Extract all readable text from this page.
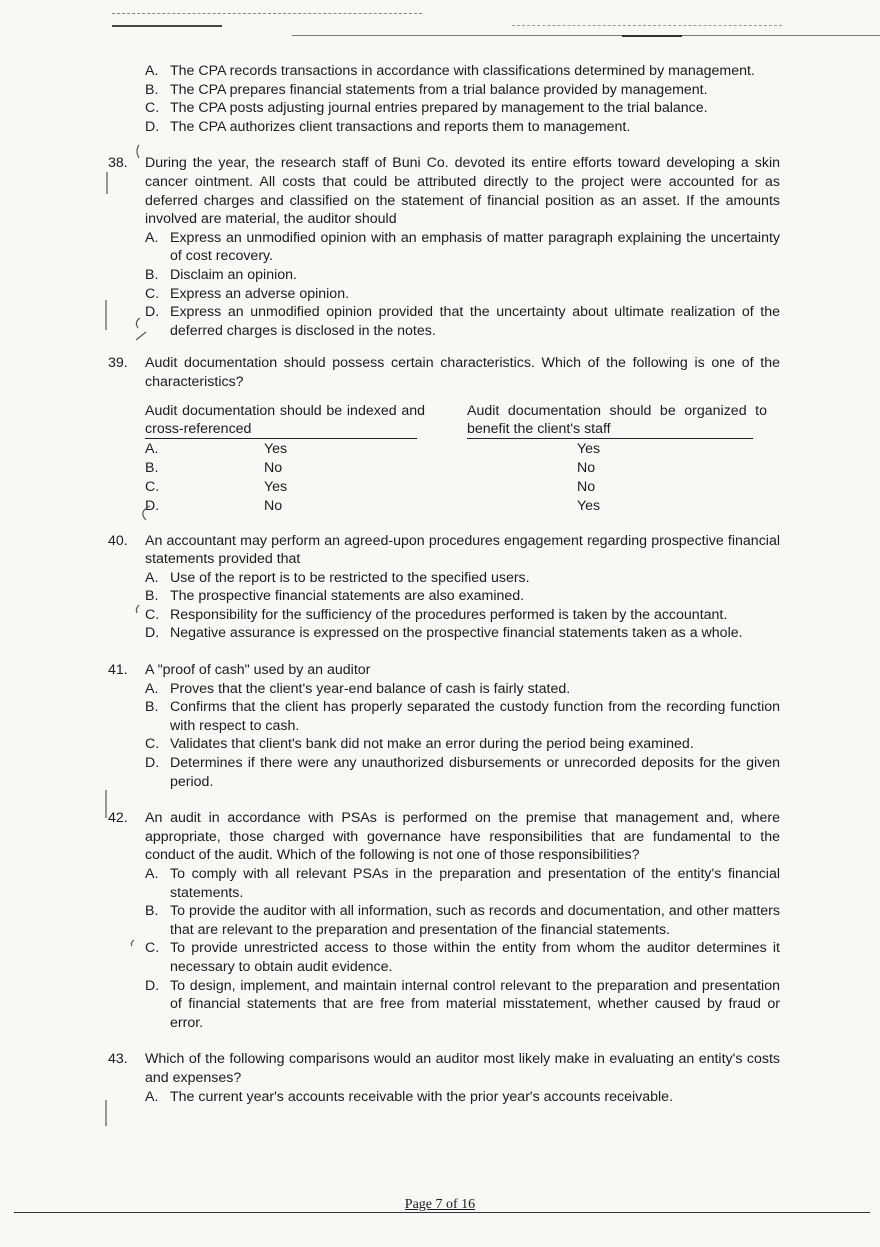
A. The CPA records transactions in accordance with classifications determined by management.
B. The CPA prepares financial statements from a trial balance provided by management.
C. The CPA posts adjusting journal entries prepared by management to the trial balance.
D. The CPA authorizes client transactions and reports them to management.
38. During the year, the research staff of Buni Co. devoted its entire efforts toward developing a skin cancer ointment. All costs that could be attributed directly to the project were accounted for as deferred charges and classified on the statement of financial position as an asset. If the amounts involved are material, the auditor should
A. Express an unmodified opinion with an emphasis of matter paragraph explaining the uncertainty of cost recovery.
B. Disclaim an opinion.
C. Express an adverse opinion.
D. Express an unmodified opinion provided that the uncertainty about ultimate realization of the deferred charges is disclosed in the notes.
39. Audit documentation should possess certain characteristics. Which of the following is one of the characteristics?
Audit documentation should be indexed and cross-referenced
Audit documentation should be organized to benefit the client's staff
A.	Yes	Yes
B.	No	No
C.	Yes	No
D.	No	Yes
40. An accountant may perform an agreed-upon procedures engagement regarding prospective financial statements provided that
A. Use of the report is to be restricted to the specified users.
B. The prospective financial statements are also examined.
C. Responsibility for the sufficiency of the procedures performed is taken by the accountant.
D. Negative assurance is expressed on the prospective financial statements taken as a whole.
41. A "proof of cash" used by an auditor
A. Proves that the client's year-end balance of cash is fairly stated.
B. Confirms that the client has properly separated the custody function from the recording function with respect to cash.
C. Validates that client's bank did not make an error during the period being examined.
D. Determines if there were any unauthorized disbursements or unrecorded deposits for the given period.
42. An audit in accordance with PSAs is performed on the premise that management and, where appropriate, those charged with governance have responsibilities that are fundamental to the conduct of the audit. Which of the following is not one of those responsibilities?
A. To comply with all relevant PSAs in the preparation and presentation of the entity's financial statements.
B. To provide the auditor with all information, such as records and documentation, and other matters that are relevant to the preparation and presentation of the financial statements.
C. To provide unrestricted access to those within the entity from whom the auditor determines it necessary to obtain audit evidence.
D. To design, implement, and maintain internal control relevant to the preparation and presentation of financial statements that are free from material misstatement, whether caused by fraud or error.
43. Which of the following comparisons would an auditor most likely make in evaluating an entity's costs and expenses?
A. The current year's accounts receivable with the prior year's accounts receivable.
Page 7 of 16
